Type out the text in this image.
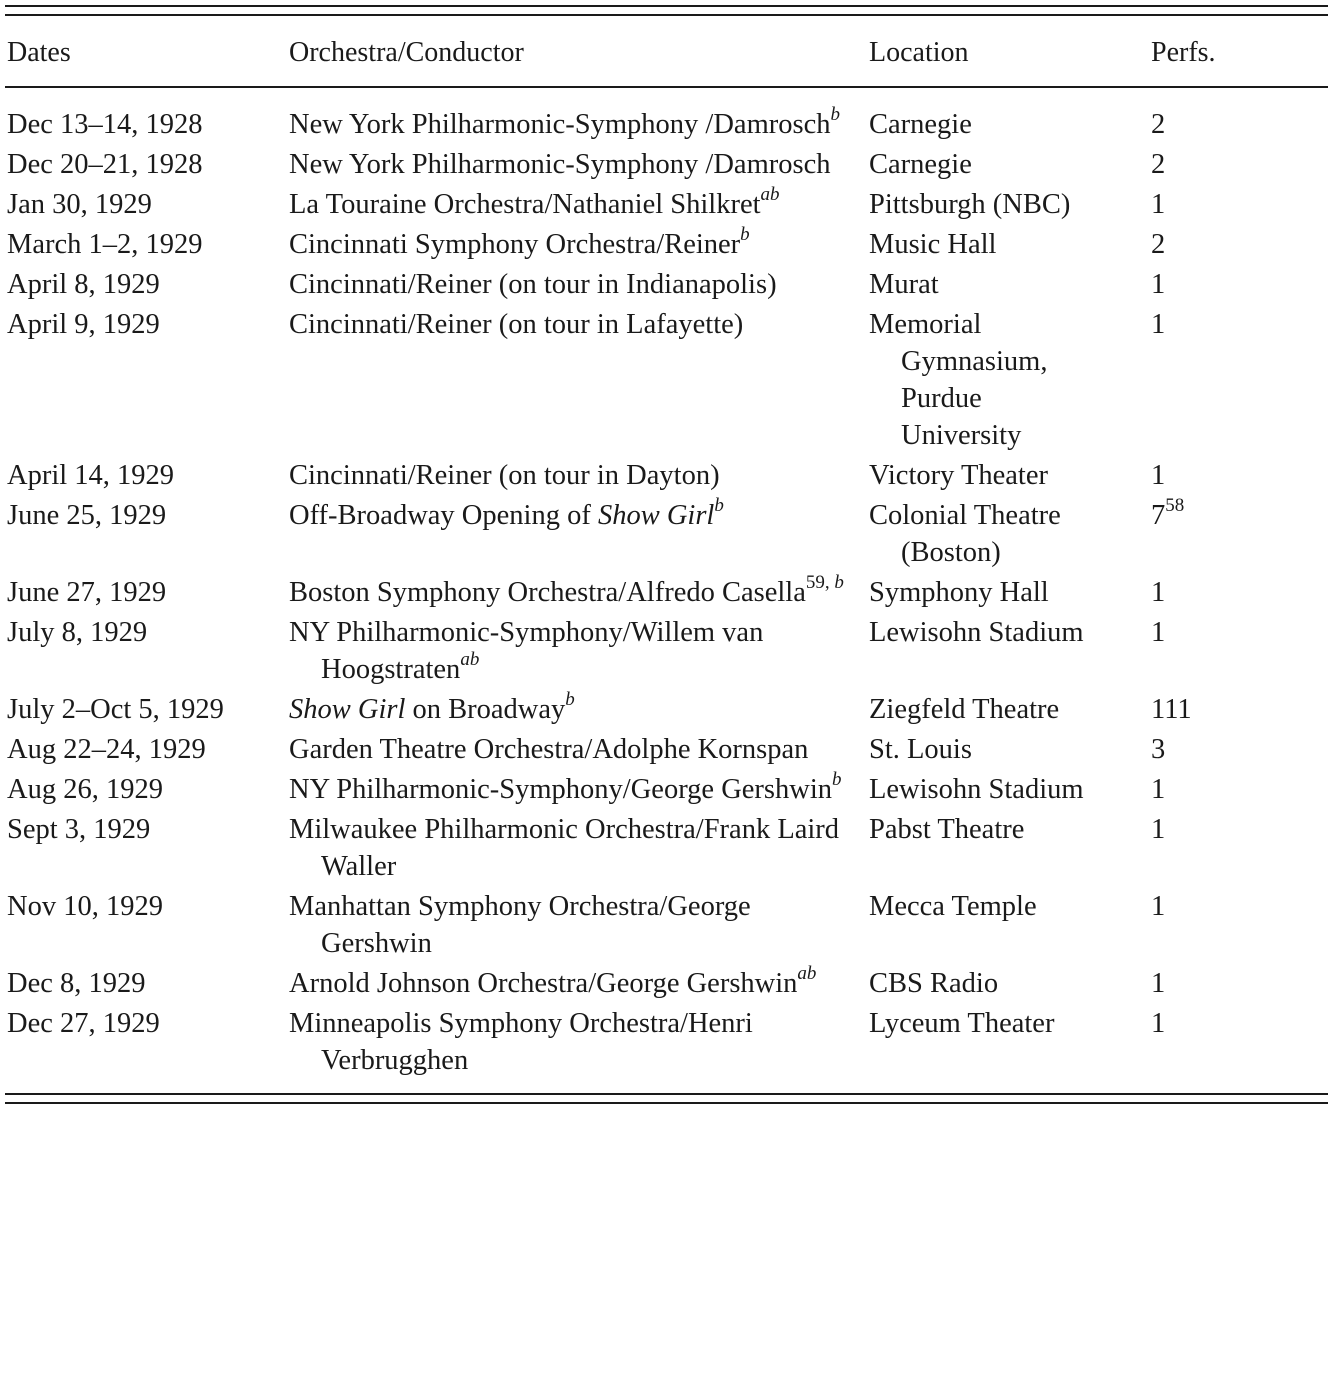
Dates	Orchestra/Conductor	Location	Perfs.
Dec 13–14, 1928	New York Philharmonic-Symphony /Damrosch$^b$	Carnegie	2
Dec 20–21, 1928	New York Philharmonic-Symphony /Damrosch	Carnegie	2
Jan 30, 1929	La Touraine Orchestra/Nathaniel Shilkret$^{ab}$	Pittsburgh (NBC)	1
March 1–2, 1929	Cincinnati Symphony Orchestra/Reiner$^b$	Music Hall	2
April 8, 1929	Cincinnati/Reiner (on tour in Indianapolis)	Murat	1
April 9, 1929	Cincinnati/Reiner (on tour in Lafayette)	Memorial Gymnasium, Purdue University	1
April 14, 1929	Cincinnati/Reiner (on tour in Dayton)	Victory Theater	1
June 25, 1929	Off-Broadway Opening of Show Girl$^b$	Colonial Theatre (Boston)	$7^{58}$
June 27, 1929	Boston Symphony Orchestra/Alfredo Casella$^{59, b}$	Symphony Hall	1
July 8, 1929	NY Philharmonic-Symphony/Willem van Hoogstraten$^{ab}$	Lewisohn Stadium	1
July 2–Oct 5, 1929	Show Girl on Broadway$^b$	Ziegfeld Theatre	111
Aug 22–24, 1929	Garden Theatre Orchestra/Adolphe Kornspan	St. Louis	3
Aug 26, 1929	NY Philharmonic-Symphony/George Gershwin$^b$	Lewisohn Stadium	1
Sept 3, 1929	Milwaukee Philharmonic Orchestra/Frank Laird Waller	Pabst Theatre	1
Nov 10, 1929	Manhattan Symphony Orchestra/George Gershwin	Mecca Temple	1
Dec 8, 1929	Arnold Johnson Orchestra/George Gershwin$^{ab}$	CBS Radio	1
Dec 27, 1929	Minneapolis Symphony Orchestra/Henri Verbrugghen	Lyceum Theater	1
